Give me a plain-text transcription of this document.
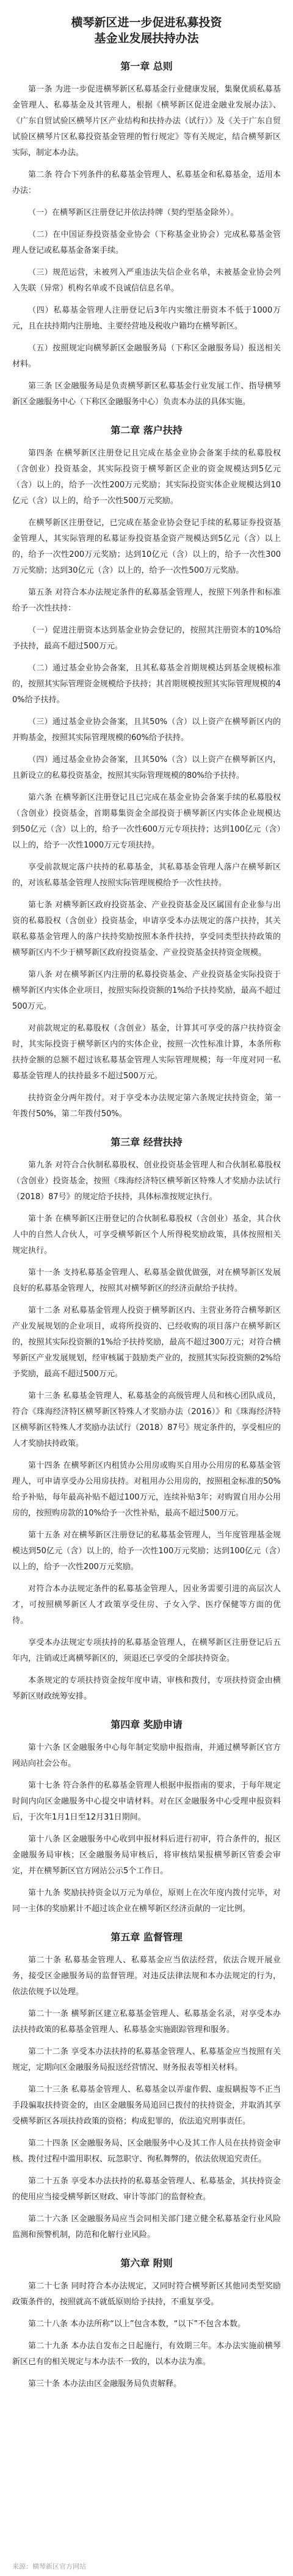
横琴新区进一步促进私募投资
基金业发展扶持办法
第一章 总则

第一条 为进一步促进横琴新区私募基金行业健康发展，集聚优质私募基金管理人、私募基金及其管理人，根据《横琴新区促进金融业发展办法》、《广东自贸试验区横琴片区产业结构和扶持办法（试行）》及《关于广东自贸试验区横琴片区私募投资基金管理的暂行规定》等有关规定，结合横琴新区实际，制定本办法。

第二条 符合下列条件的私募基金管理人、私募基金和私募基金，适用本办法：

（一）在横琴新区注册登记并依法持牌（契约型基金除外）。

（二）在中国证券投资基金业协会（下称基金业协会）完成私募基金管理人登记或私募基金备案手续。

（三）规范运营，未被列入严重违法失信企业名单，未被基金业协会列入失联（异常）机构名单或不良诚信信息名单。

（四）私募基金管理人注册登记后3年内实缴注册资本不低于1000万元，且在扶持期内注册地、主要经营地及税收户籍均在横琴新区。

（五）按照规定向横琴新区金融服务局（下称区金融服务局）报送相关材料。

第三条 区金融服务局是负责横琴新区私募基金行业发展工作、指导横琴新区金融服务中心（下称区金融服务中心）负责本办法的具体实施。

第二章 落户扶持

第四条 在横琴新区注册登记且完成在基金业协会备案手续的私募股权（含创业）投资基金，其实际投资于横琴新区企业的资金规模达到5亿元（含）以上的，给予一次性200万元奖励；其实际投资实体企业规模达到10亿元（含）以上的，给予一次性500万元奖励。

在横琴新区注册登记，已完成在基金业协会登记手续的私募证券投资基金管理人，其实际管理的私募证券投资基金资产规模达到5亿元（含）以上的，给予一次性200万元奖励；达到10亿元（含）以上的，给予一次性300万元奖励；达到30亿元（含）以上的，给予一次性500万元奖励。

第五条 对符合本办法规定条件的私募基金管理人，按照下列条件和标准给予一次性扶持：

（一）促进注册资本达到基金业协会登记的，按照其注册资本的10%给予扶持，最高不超过500万元。

（二）通过基金业协会备案，且其私募基金首期规模达到基金规模标准的，按照其实际管理资金规模给予扶持；其首期规模按照其实际管理规模的40%给予扶持。

（三）通过基金业协会备案，且其50%（含）以上资产在横琴新区内的并购基金，按照其实际管理规模的60%给予扶持。

（四）通过基金业协会备案，且其50%（含）以上资产在横琴新区内，且新设立的私募投资基金，按照其实际管理规模的80%给予扶持。

第六条 在横琴新区注册登记且已完成在基金业协会备案手续的私募股权（含创业）投资基金，首期募集资金全部投资于横琴新区内实体企业规模达到50亿元（含）以上的，给予一次性600万元专项扶持；达到100亿元（含）以上的，给予一次性1000万元专项扶持。

享受前款规定落户扶持的私募基金，其私募基金管理人落户在横琴新区的，对该私募基金管理人按照实际管理规模给予一次性扶持。

第七条 对横琴新区政府投资基金、产业投资基金及区属国有企业参与出资的私募股权（含创业）投资基金，申请享受本办法规定的落户扶持，其关联私募基金管理人的落户扶持奖励按照本条件扶持，享受同类型扶持政策的横琴新区内不少于横琴新区政府投资基金、产业投资基金扶持资金规模。

第八条 对在横琴新区内注册的私募投资基金、产业投资基金实际投资于横琴新区内实体企业项目，按照实际投资额的1%给予扶持奖励，最高不超过500万元。

对前款规定的私募股权（含创业）基金，计算其可享受的落户扶持资金时，其实际投资于横琴新区内的实体企业，按照一次性标准计算，本条所称扶持金额的总额不超过该私募基金管理人实际管理规模；每一年度对同一私募基金管理人的扶持最多不超过500万元。

扶持资金分两年拨付。对于享受本办法规定第六条规定扶持资金，第一年拨付50%，第二年拨付50%。

第三章 经营扶持

第九条 对符合合伙制私募股权、创业投资基金管理人和合伙制私募股权（含创业）投资基金，按照《珠海经济特区横琴新区特殊人才奖励办法试行（2018）87号》的规定给予扶持，具体标准按规定执行。

第十条 在横琴新区注册登记的合伙制私募股权（含创业）基金，其合伙人中的自然人合伙人，可享受横琴新区个人所得税奖励政策，具体按照相关规定执行。

第十一条 支持私募基金管理人、私募基金做优做强，对在横琴新区发展良好的私募基金管理人，按照其对横琴新区的经济贡献给予扶持。

第十二条 对私募基金管理人投资于横琴新区内、主营业务符合横琴新区产业发展规划的企业项目，或将所投资的、已经收购的项目落户在横琴新区的，按照其实际投资额的1%给予扶持奖励，最高不超过300万元；对符合横琴新区产业发展规划，经审核属于鼓励类产业的，按照其实际投资额的2%给予奖励，最高不超过500万元。

第十三条 私募基金管理人、私募基金的高级管理人员和核心团队成员，符合《珠海经济特区横琴新区特殊人才奖励办法（2016）》和《珠海经济特区横琴新区特殊人才奖励办法试行（2018）87号》规定条件的，享受相应的人才奖励扶持政策。

第十四条 在横琴新区内租赁办公用房或购买自用办公用房的私募基金管理人，可申请享受办公用房扶持。对租用办公用房的，按照租金标准的50%给予补贴，每年最高补贴不超过100万元，连续补贴3年；对购置自用办公用房的，按照购房款的10%给予一次性补贴，最高不超过500万元。

第十五条 对在横琴新区注册登记的私募基金管理人，当年度管理基金规模达到50亿元（含）以上的，给予一次性100万元奖励；达到100亿元（含）以上的，给予一次性200万元奖励。

对符合本办法规定条件的私募基金管理人，因业务需要引进的高层次人才，可按照横琴新区人才政策享受住房、子女入学、医疗保健等方面的优待。

享受本办法规定专项扶持的私募基金管理人，在横琴新区注册登记后五年内，注销或迁离横琴新区的，须退还已享受的全部扶持资金。

本条规定的专项扶持资金按年度申请、审核和拨付，专项扶持资金由横琴新区财政统筹安排。

第四章 奖励申请

第十六条 区金融服务中心每年制定奖励申报指南，并通过横琴新区官方网站向社会公布。

第十七条 符合条件的私募基金管理人根据申报指南的要求，于每年规定时间内向区金融服务中心提交申请材料。对在区金融服务中心受理申报资料后，于次年1月1日至12月31日期间。

第十八条 区金融服务中心收到申报材料后进行初审，符合条件的，报区金融服务局审核；区金融服务局审核后，将审核结果报横琴新区管委会审定，并在横琴新区官方网站公示5个工作日。

第十九条 奖励扶持资金以万元为单位，原则上在次年度内拨付完毕，对同一主体的奖励累计不超过该企业在横琴新区经济贡献的一定比例。

第五章 监督管理

第二十条 私募基金管理人、私募基金应当依法经营，依法合规开展业务，接受区金融服务局的监督管理。对违反法律法规和本办法规定的行为，依法依规予以处理。

第二十一条 横琴新区建立私募基金管理人、私募基金名录，对享受本办法扶持政策的私募基金管理人、私募基金实施跟踪管理和服务。

第二十二条 享受本办法扶持的私募基金管理人、私募基金应当按照有关规定，定期向区金融服务局报送经营情况、财务报表等相关材料。

第二十三条 私募基金管理人、私募基金以弄虚作假、虚报瞒报等不正当手段骗取扶持资金的，由区金融服务局追回已拨付的扶持资金，并取消其享受横琴新区各项扶持政策的资格；构成犯罪的，依法追究刑事责任。

第二十四条 区金融服务局、区金融服务中心及其工作人员在扶持资金审核、拨付过程中滥用职权、玩忽职守、徇私舞弊的，依法依规追究责任。

第二十五条 享受本办法扶持的私募基金管理人、私募基金，其扶持资金的使用应当接受横琴新区财政、审计等部门的监督检查。

第二十六条 区金融服务局应当会同相关部门建立健全私募基金行业风险监测和预警机制，防范和化解行业风险。

第六章 附则

第二十七条 同时符合本办法规定，又同时符合横琴新区其他同类型奖励政策条件的，按照就高不就低原则给予扶持，不重复享受。

第二十八条 本办法所称“以上”包含本数，“以下”不包含本数。

第二十九条 本办法自发布之日起施行，有效期三年。本办法实施前横琴新区已有的相关规定与本办法不一致的，以本办法为准。

第三十条 本办法由区金融服务局负责解释。

来源：横琴新区官方网站
